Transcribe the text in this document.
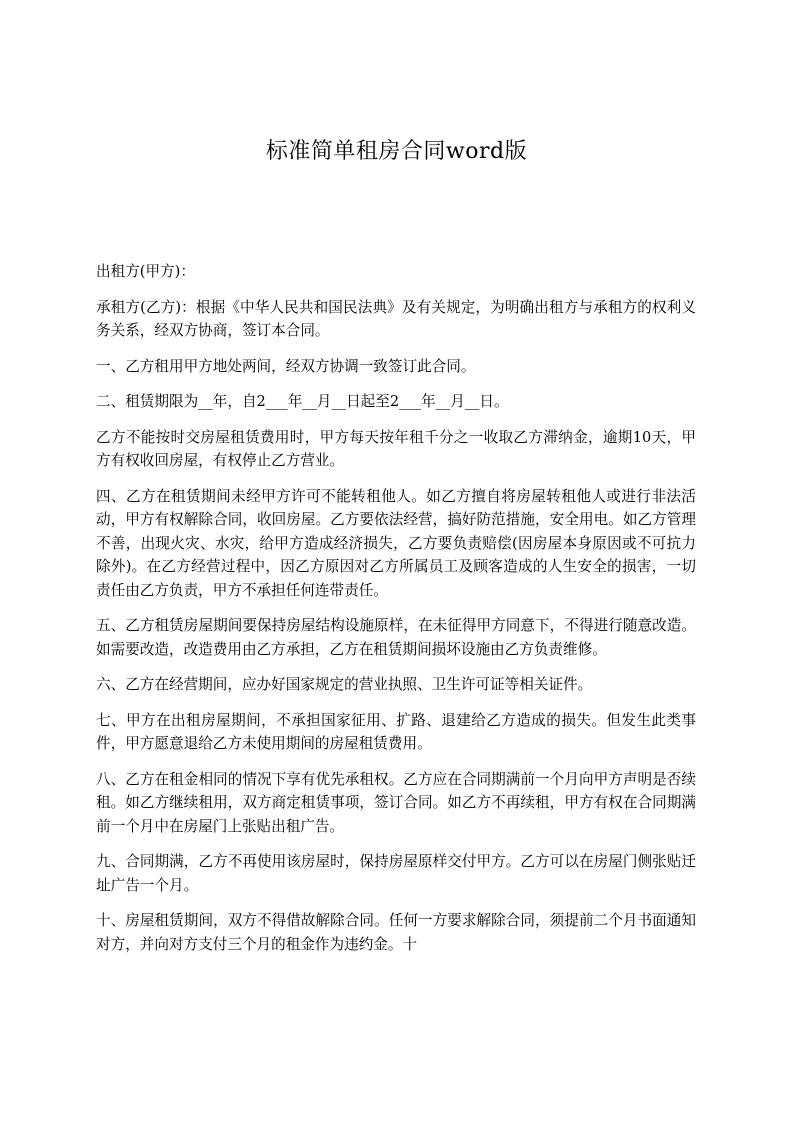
标准简单租房合同word版

出租方(甲方)：

承租方(乙方)：根据《中华人民共和国民法典》及有关规定，为明确出租方与承租方的权利义务关系，经双方协商，签订本合同。

一、乙方租用甲方地处两间，经双方协调一致签订此合同。

二、租赁期限为__年，自2___年__月__日起至2___年__月__日。

乙方不能按时交房屋租赁费用时，甲方每天按年租千分之一收取乙方滞纳金，逾期10天，甲方有权收回房屋，有权停止乙方营业。

四、乙方在租赁期间未经甲方许可不能转租他人。如乙方擅自将房屋转租他人或进行非法活动，甲方有权解除合同，收回房屋。乙方要依法经营，搞好防范措施，安全用电。如乙方管理不善，出现火灾、水灾，给甲方造成经济损失，乙方要负责赔偿(因房屋本身原因或不可抗力除外)。在乙方经营过程中，因乙方原因对乙方所属员工及顾客造成的人生安全的损害，一切责任由乙方负责，甲方不承担任何连带责任。

五、乙方租赁房屋期间要保持房屋结构设施原样，在未征得甲方同意下，不得进行随意改造。如需要改造，改造费用由乙方承担，乙方在租赁期间损坏设施由乙方负责维修。

六、乙方在经营期间，应办好国家规定的营业执照、卫生许可证等相关证件。

七、甲方在出租房屋期间，不承担国家征用、扩路、退建给乙方造成的损失。但发生此类事件，甲方愿意退给乙方未使用期间的房屋租赁费用。

八、乙方在租金相同的情况下享有优先承租权。乙方应在合同期满前一个月向甲方声明是否续租。如乙方继续租用，双方商定租赁事项，签订合同。如乙方不再续租，甲方有权在合同期满前一个月中在房屋门上张贴出租广告。

九、合同期满，乙方不再使用该房屋时，保持房屋原样交付甲方。乙方可以在房屋门侧张贴迁址广告一个月。

十、房屋租赁期间，双方不得借故解除合同。任何一方要求解除合同，须提前二个月书面通知对方，并向对方支付三个月的租金作为违约金。十
